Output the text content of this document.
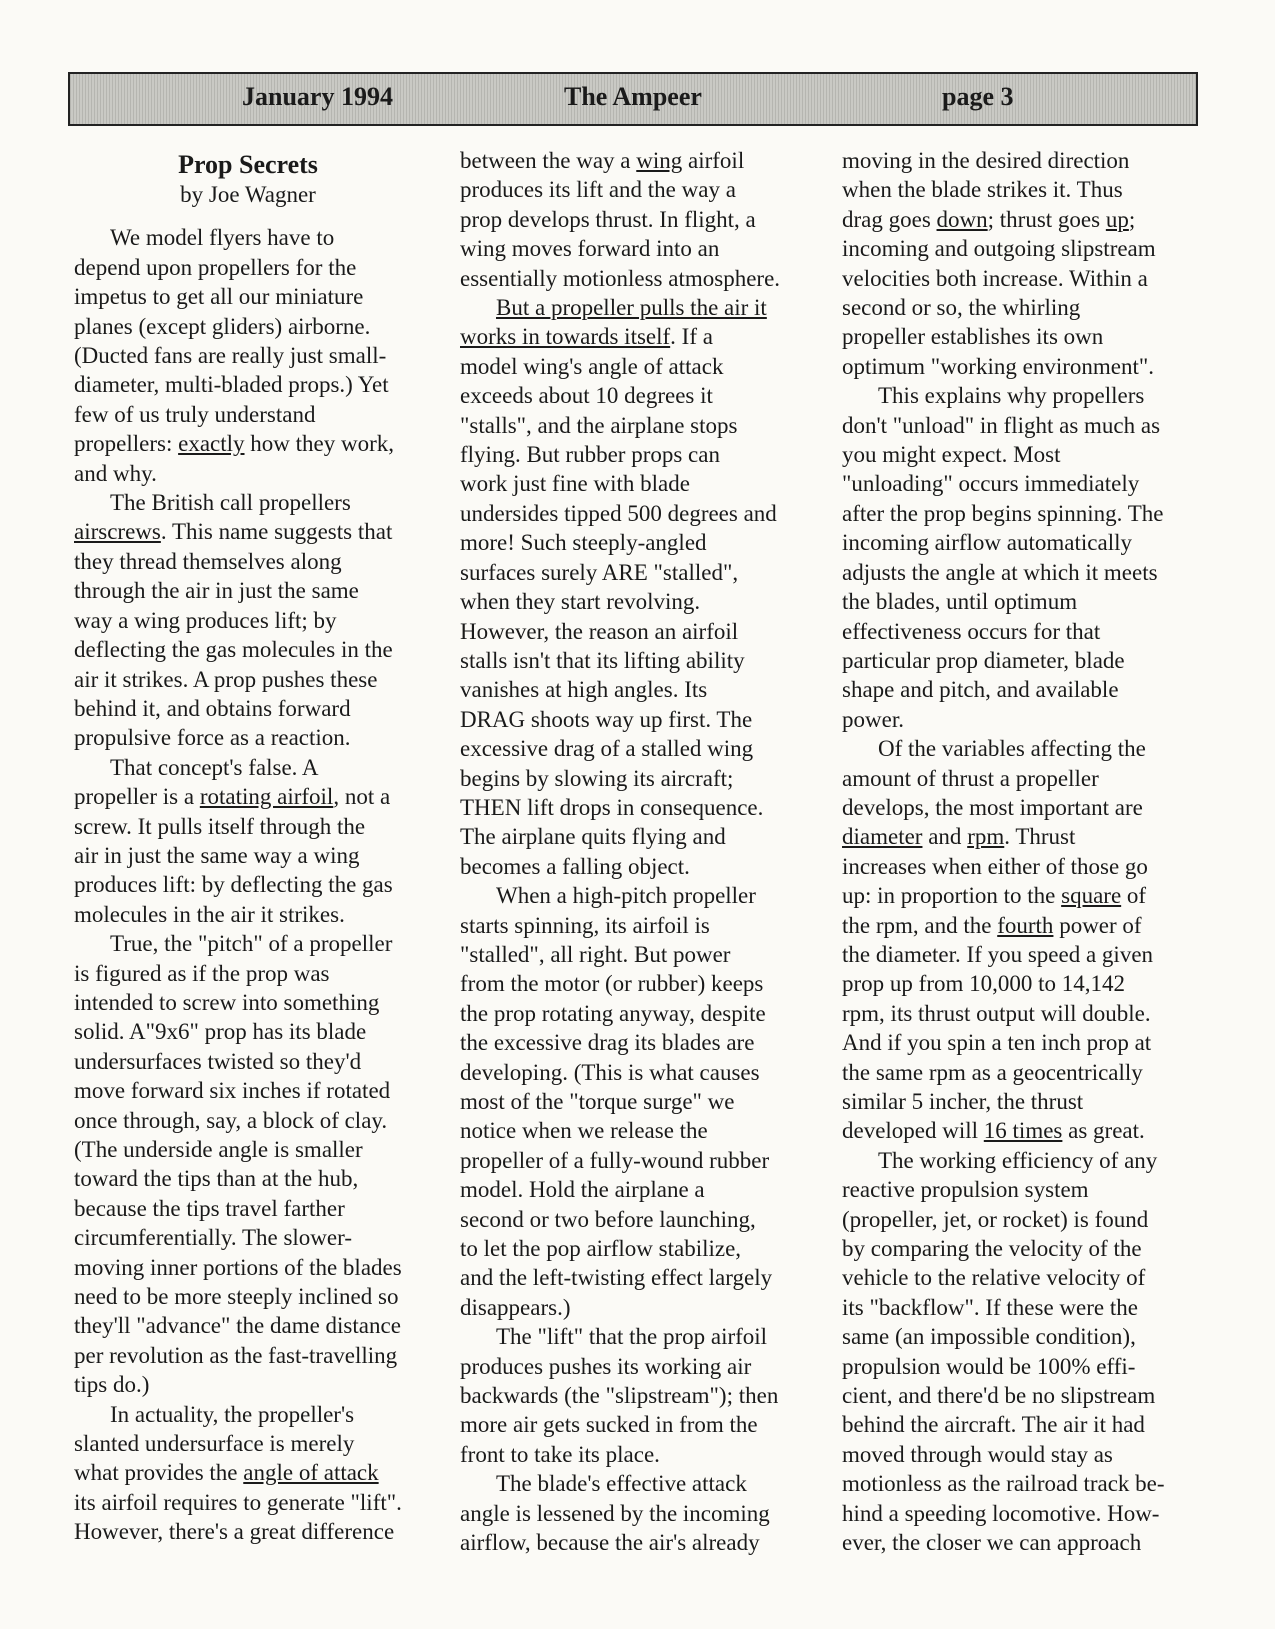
January 1994	The Ampeer	page 3
Prop Secrets
by Joe Wagner
We model flyers have to
depend upon propellers for the
impetus to get all our miniature
planes (except gliders) airborne.
(Ducted fans are really just small-
diameter, multi-bladed props.) Yet
few of us truly understand
propellers: exactly how they work,
and why.
The British call propellers
airscrews. This name suggests that
they thread themselves along
through the air in just the same
way a wing produces lift; by
deflecting the gas molecules in the
air it strikes. A prop pushes these
behind it, and obtains forward
propulsive force as a reaction.
That concept's false. A
propeller is a rotating airfoil, not a
screw. It pulls itself through the
air in just the same way a wing
produces lift: by deflecting the gas
molecules in the air it strikes.
True, the "pitch" of a propeller
is figured as if the prop was
intended to screw into something
solid. A"9x6" prop has its blade
undersurfaces twisted so they'd
move forward six inches if rotated
once through, say, a block of clay.
(The underside angle is smaller
toward the tips than at the hub,
because the tips travel farther
circumferentially. The slower-
moving inner portions of the blades
need to be more steeply inclined so
they'll "advance" the dame distance
per revolution as the fast-travelling
tips do.)
In actuality, the propeller's
slanted undersurface is merely
what provides the angle of attack
its airfoil requires to generate "lift".
However, there's a great difference
between the way a wing airfoil
produces its lift and the way a
prop develops thrust. In flight, a
wing moves forward into an
essentially motionless atmosphere.
But a propeller pulls the air it
works in towards itself. If a
model wing's angle of attack
exceeds about 10 degrees it
"stalls", and the airplane stops
flying. But rubber props can
work just fine with blade
undersides tipped 500 degrees and
more! Such steeply-angled
surfaces surely ARE "stalled",
when they start revolving.
However, the reason an airfoil
stalls isn't that its lifting ability
vanishes at high angles. Its
DRAG shoots way up first. The
excessive drag of a stalled wing
begins by slowing its aircraft;
THEN lift drops in consequence.
The airplane quits flying and
becomes a falling object.
When a high-pitch propeller
starts spinning, its airfoil is
"stalled", all right. But power
from the motor (or rubber) keeps
the prop rotating anyway, despite
the excessive drag its blades are
developing. (This is what causes
most of the "torque surge" we
notice when we release the
propeller of a fully-wound rubber
model. Hold the airplane a
second or two before launching,
to let the pop airflow stabilize,
and the left-twisting effect largely
disappears.)
The "lift" that the prop airfoil
produces pushes its working air
backwards (the "slipstream"); then
more air gets sucked in from the
front to take its place.
The blade's effective attack
angle is lessened by the incoming
airflow, because the air's already
moving in the desired direction
when the blade strikes it. Thus
drag goes down; thrust goes up;
incoming and outgoing slipstream
velocities both increase. Within a
second or so, the whirling
propeller establishes its own
optimum "working environment".
This explains why propellers
don't "unload" in flight as much as
you might expect. Most
"unloading" occurs immediately
after the prop begins spinning. The
incoming airflow automatically
adjusts the angle at which it meets
the blades, until optimum
effectiveness occurs for that
particular prop diameter, blade
shape and pitch, and available
power.
Of the variables affecting the
amount of thrust a propeller
develops, the most important are
diameter and rpm. Thrust
increases when either of those go
up: in proportion to the square of
the rpm, and the fourth power of
the diameter. If you speed a given
prop up from 10,000 to 14,142
rpm, its thrust output will double.
And if you spin a ten inch prop at
the same rpm as a geocentrically
similar 5 incher, the thrust
developed will 16 times as great.
The working efficiency of any
reactive propulsion system
(propeller, jet, or rocket) is found
by comparing the velocity of the
vehicle to the relative velocity of
its "backflow". If these were the
same (an impossible condition),
propulsion would be 100% effi-
cient, and there'd be no slipstream
behind the aircraft. The air it had
moved through would stay as
motionless as the railroad track be-
hind a speeding locomotive. How-
ever, the closer we can approach
